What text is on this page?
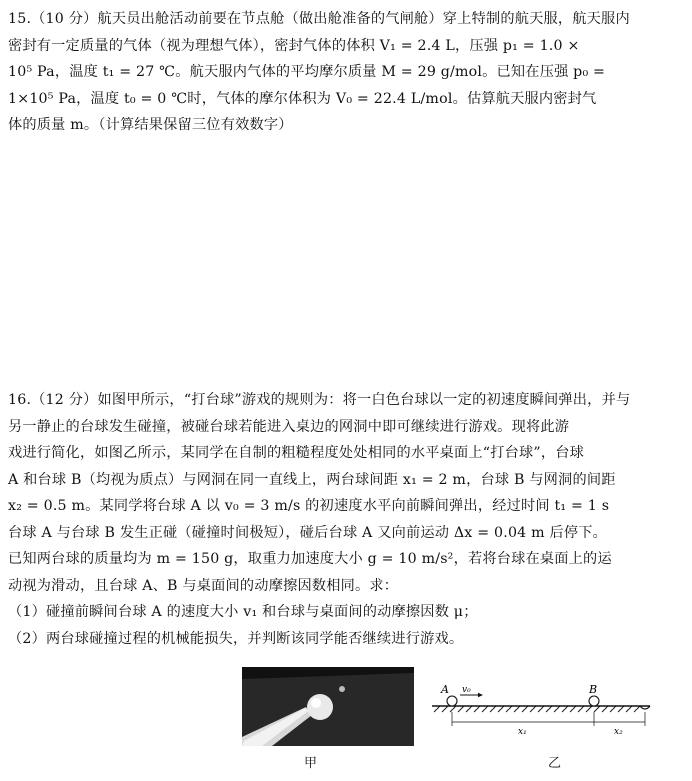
15.（10 分）航天员出舱活动前要在节点舱（做出舱准备的气闸舱）穿上特制的航天服，航天服内

密封有一定质量的气体（视为理想气体），密封气体的体积 V₁ = 2.4 L，压强 p₁ = 1.0 ×

10⁵ Pa，温度 t₁ = 27 ℃。航天服内气体的平均摩尔质量 M = 29 g/mol。已知在压强 p₀ =

1×10⁵ Pa，温度 t₀ = 0 ℃时，气体的摩尔体积为 V₀ = 22.4 L/mol。估算航天服内密封气

体的质量 m。（计算结果保留三位有效数字）

16.（12 分）如图甲所示，“打台球”游戏的规则为：将一白色台球以一定的初速度瞬间弹出，并与

另一静止的台球发生碰撞，被碰台球若能进入桌边的网洞中即可继续进行游戏。现将此游

戏进行简化，如图乙所示，某同学在自制的粗糙程度处处相同的水平桌面上“打台球”，台球

A 和台球 B（均视为质点）与网洞在同一直线上，两台球间距 x₁ = 2 m，台球 B 与网洞的间距

x₂ = 0.5 m。某同学将台球 A 以 v₀ = 3 m/s 的初速度水平向前瞬间弹出，经过时间 t₁ = 1 s

台球 A 与台球 B 发生正碰（碰撞时间极短），碰后台球 A 又向前运动 Δx = 0.04 m 后停下。

已知两台球的质量均为 m = 150 g，取重力加速度大小 g = 10 m/s²，若将台球在桌面上的运

动视为滑动，且台球 A、B 与桌面间的动摩擦因数相同。求：

（1）碰撞前瞬间台球 A 的速度大小 v₁ 和台球与桌面间的动摩擦因数 μ；

（2）两台球碰撞过程的机械能损失，并判断该同学能否继续进行游戏。

甲
A v₀	B
x₁	x₂
乙
